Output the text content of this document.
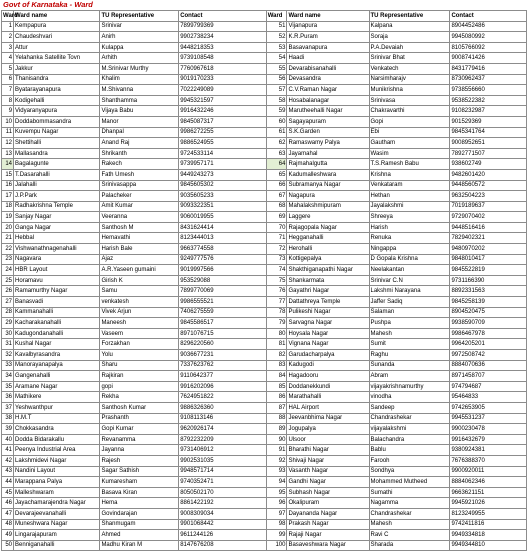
Govt of Karnataka - Ward
Ward	Ward name	TU Representative	Contact	Ward	Ward name	TU Representative	Contact
1	Kempapura	Srinivar	7899799369	51	Vijanapura	Kalpana	8904452486
2	Chaudeshvari	Anirh	9902738234	52	K.R.Puram	Soraja	9945080992
3	Attur	Kulappa	9448218353	53	Basavanapura	P.A.Devaiah	8105766092
4	Yelahanka Satellite Tovn	Arhith	9739108548	54	Haadi	Srinivar Bhat	9008741426
5	Jakkur	M.Srinivar Murthy	7760967618	55	Devarabisanahalli	Venkatech	8431779416
6	Thanisandra	Khalim	9019170233	56	Devasandra	Narsimharajv	8730962437
7	Byatarayanapura	M.Shivanna	7022249089	57	C.V.Raman Nagar	Munikrishna	9738556660
8	Kodigehalli	Shanthamma	9945321597	58	Hosabalanagar	Srinivasa	9538522382
9	Vidyaranyapura	Vijaya Babu	9916432246	59	Marutheehalli Nagar	Chakravarthi	9108232987
10	Doddabommasandra	Manor	9845087317	60	Sagayapuram	Gopi	901529369
11	Kuvempu Nagar	Dhanpal	9986272255	61	S.K.Garden	Ebi	9845341764
12	Shettihalli	Anand Raj	9886524955	62	Ramaswamy Palya	Gautham	9008952651
13	Mallasandra	Shrikanth	9724533114	63	Jayamahal	Wasim	7892771507
14	Bagalagunte	Rakech	9739957171	64	Rajmahalgutta	T.S.Ramesh Babu	938602749
15	T.Dasarahalli	Fath Umesh	9449243273	65	Kadumalleshwara	Krishna	9482601420
16	Jalahalli	Srinivasappa	9845605302	66	Subramanya Nagar	Venkataram	9448560572
17	J.P.Park	Palacheker	9035605233	67	Nagapura	Hethan	9632504223
18	Radhakrishna Temple	Amit Kumar	9093322351	68	Mahalakshmipuram	Jayalakshmi	7019189637
19	Sanjay Nagar	Veeranna	9060019955	69	Laggere	Shreeya	9729070402
20	Ganga Nagar	Santhosh M	8431624414	70	Rajagopala Nagar	Harish	9448516416
21	Hebbal	Hemavathi	8123444013	71	Hegganahalli	Renuka	7829402321
22	Vishwanathnagenahalli	Harish Bale	9663774558	72	Herohalli	Ningappa	9480970202
23	Nagavara	Ajaz	9249777576	73	Kottigepalya	D Gopala Krishna	9848010417
24	HBR Layout	A.R.Yaseen gumaini	9019997566	74	Shakthiganapathi Nagar	Neelakantan	9845522819
25	Horamavu	Girish K	953529088	75	Shankarmata	Srinivar C.N	9731166390
26	Ramamurthy Nagar	Samu	7899770069	76	Gayathri Nagar	Lakshmi Narayana	8892331563
27	Banasvadi	venkatesh	9986555521	77	Dattathreya Temple	Jaffer Sadiq	9845258139
28	Kammanahalli	Vivek Arjun	7406275559	78	Pulikeshi Nagar	Salaman	8904520475
29	Kacharakanahalli	Maneesh	9845586517	79	Sarvagna Nagar	Pushpa	9938590709
30	Kadugondanahalli	Vaseem	8971076715	80	Hoysala Nagar	Mahesh	9986467978
31	Kushal Nagar	Forzakhan	8296220560	81	Vignana Nagar	Sumit	9964205201
32	Kavalbyrasandra	Yolu	9036677231	82	Garudacharpalya	Raghu	9972508742
33	Manorayanapalya	Sharu	7337623762	83	Kadugodi	Sunanda	8884070636
34	Gangenahalli	Rajkiran	9110642377	84	Hagadooru	Abram	8971458707
35	Aramane Nagar	gopi	9916202096	85	Doddanekkundi	vijayakrishnamurthy	974794687
36	Mathikere	Rekha	7624951822	86	Marathahalli	vinodha	95464833
37	Yeshwanthpur	Santhosh Kumar	9886326360	87	HAL Airport	Sandeep	9742653905
38	H.M.T	Prashanth	9108113146	88	Jeevanbhima Nagar	Chandrashekar	9945531237
39	Chokkasandra	Gopi Kumar	9620926174	89	Jogupalya	vijayalakshmi	9900230478
40	Dodda Bidarakallu	Revanamma	8792232209	90	Ulsoor	Balachandra	9916432679
41	Peenya Industrial Area	Jayanna	9731406912	91	Bharathi Nagar	Bablu	9380924381
42	Lakshmidevi Nagar	Rajesh	9902531035	92	Shivaji Nagar	Farooh	7676388370
43	Nandini Layout	Sagar Sathish	9948571714	93	Vasanth Nagar	Sondhya	9900920011
44	Marappana Palya	Kumaresham	9740352471	94	Gandhi Nagar	Mohammed Mutheed	8884062346
45	Malleshwaram	Basava Kiran	8050502170	95	Subhash Nagar	Sumathi	9663621151
46	Jayachamarajendra Nagar	Hema	8861422192	96	Okalipuram	Nagamma	9945921026
47	Devarajeevanahalli	Govindarajan	9008309034	97	Dayananda Nagar	Chandrashekar	8123249955
48	Muneshwara Nagar	Shanmugam	9901068442	98	Prakash Nagar	Mahesh	9742411816
49	Lingarajapuram	Ahmed	9611244126	99	Rajaji Nagar	Ravi C	9949334818
50	Benniganahalli	Madhu Kiran M	8147676208	100	Basaveshwara Nagar	Sharada	9949344810
